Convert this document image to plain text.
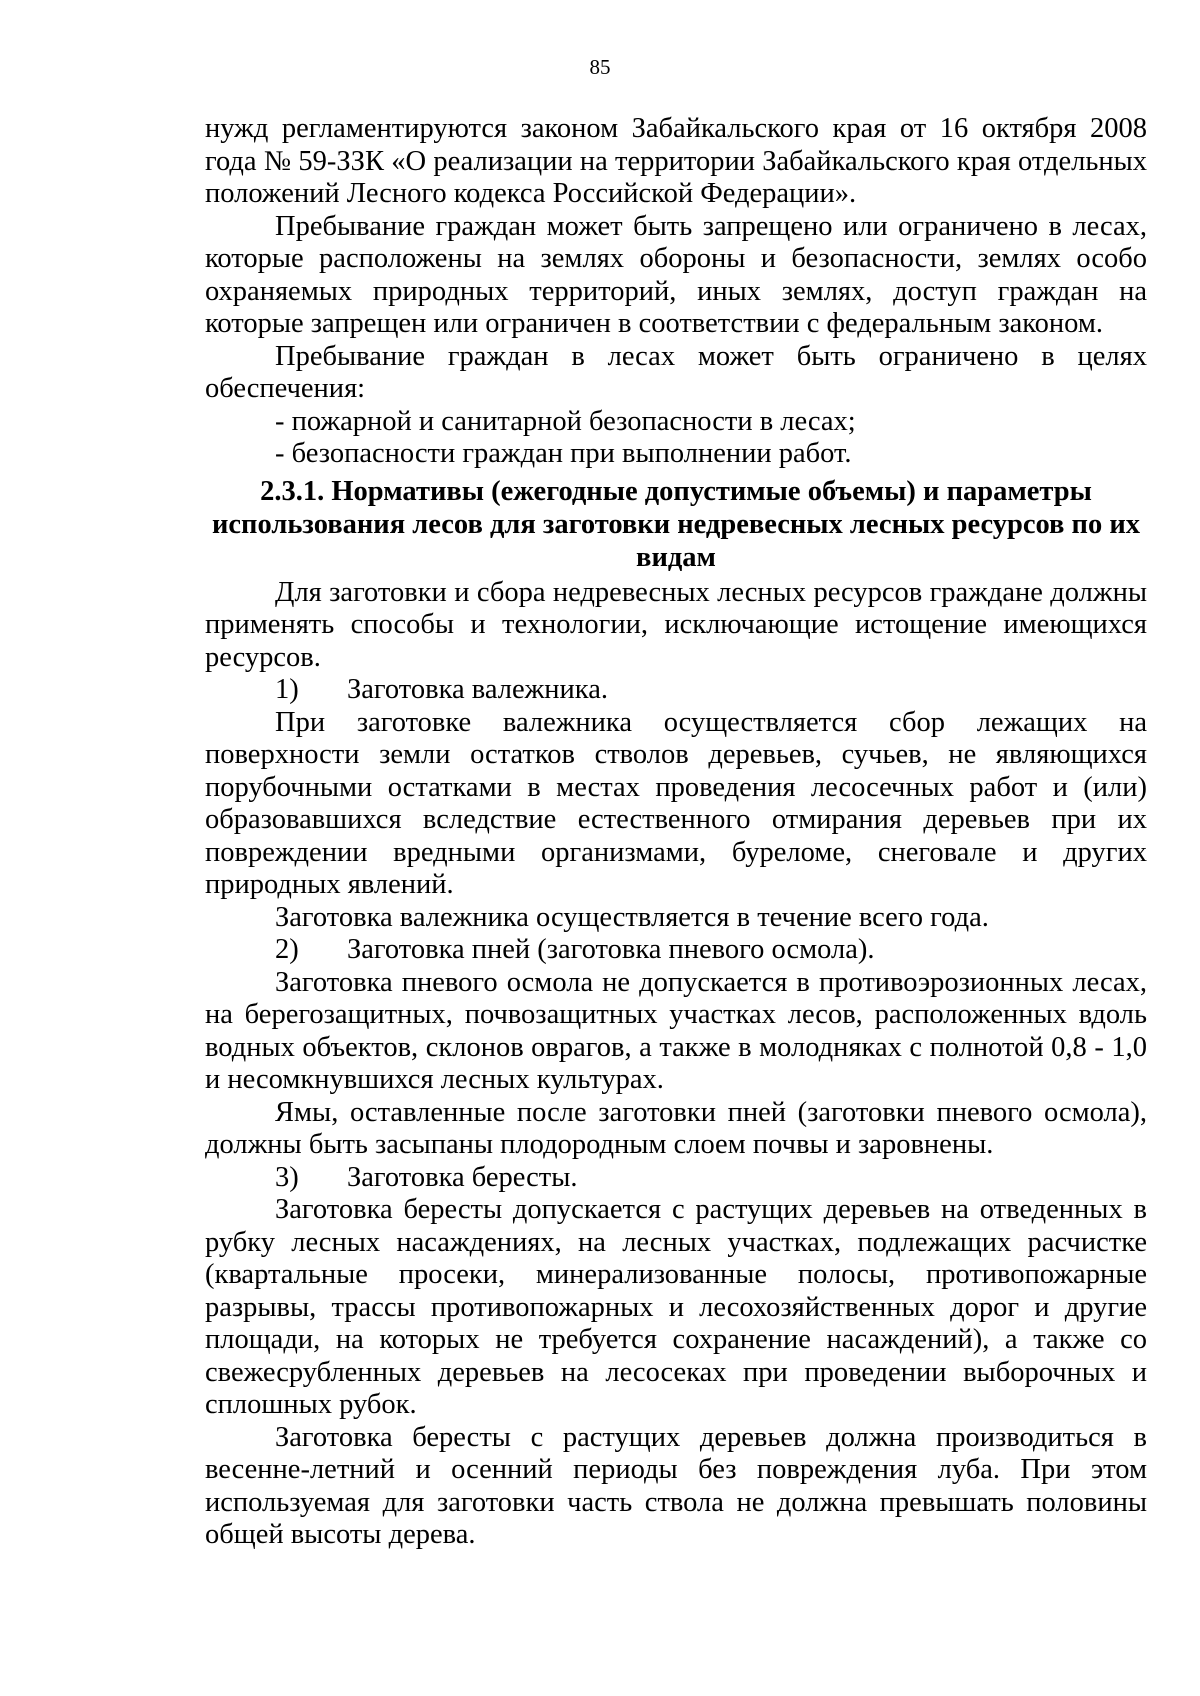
85

нужд регламентируются законом Забайкальского края от 16 октября 2008 года № 59-ЗЗК «О реализации на территории Забайкальского края отдельных положений Лесного кодекса Российской Федерации».

Пребывание граждан может быть запрещено или ограничено в лесах, которые расположены на землях обороны и безопасности, землях особо охраняемых природных территорий, иных землях, доступ граждан на которые запрещен или ограничен в соответствии с федеральным законом.

Пребывание граждан в лесах может быть ограничено в целях обеспечения:

- пожарной и санитарной безопасности в лесах;

- безопасности граждан при выполнении работ.

2.3.1. Нормативы (ежегодные допустимые объемы) и параметры использования лесов для заготовки недревесных лесных ресурсов по их видам

Для заготовки и сбора недревесных лесных ресурсов граждане должны применять способы и технологии, исключающие истощение имеющихся ресурсов.

1)	Заготовка валежника.

При заготовке валежника осуществляется сбор лежащих на поверхности земли остатков стволов деревьев, сучьев, не являющихся порубочными остатками в местах проведения лесосечных работ и (или) образовавшихся вследствие естественного отмирания деревьев при их повреждении вредными организмами, буреломе, снеговале и других природных явлений.

Заготовка валежника осуществляется в течение всего года.

2)	Заготовка пней (заготовка пневого осмола).

Заготовка пневого осмола не допускается в противоэрозионных лесах, на берегозащитных, почвозащитных участках лесов, расположенных вдоль водных объектов, склонов оврагов, а также в молодняках с полнотой 0,8 - 1,0 и несомкнувшихся лесных культурах.

Ямы, оставленные после заготовки пней (заготовки пневого осмола), должны быть засыпаны плодородным слоем почвы и заровнены.

3)	Заготовка бересты.

Заготовка бересты допускается с растущих деревьев на отведенных в рубку лесных насаждениях, на лесных участках, подлежащих расчистке (квартальные просеки, минерализованные полосы, противопожарные разрывы, трассы противопожарных и лесохозяйственных дорог и другие площади, на которых не требуется сохранение насаждений), а также со свежесрубленных деревьев на лесосеках при проведении выборочных и сплошных рубок.

Заготовка бересты с растущих деревьев должна производиться в весенне-летний и осенний периоды без повреждения луба. При этом используемая для заготовки часть ствола не должна превышать половины общей высоты дерева.
